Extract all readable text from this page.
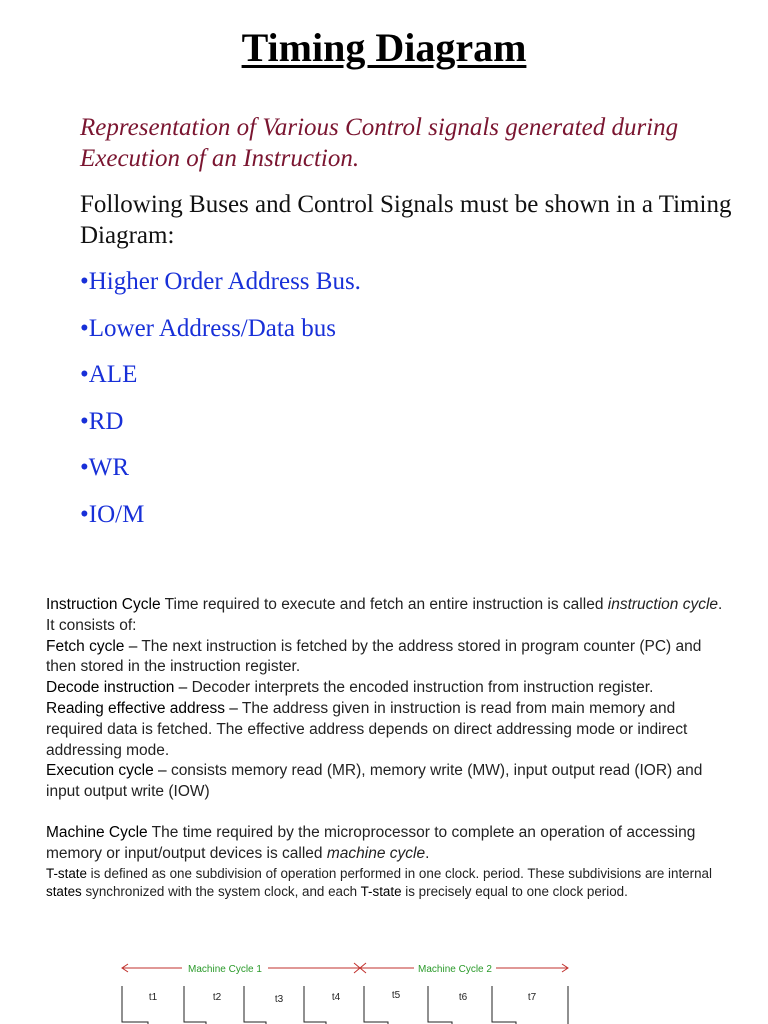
Timing Diagram
Representation of Various Control signals generated during Execution of an Instruction.
Following Buses and Control Signals must be shown in a Timing Diagram:
•Higher Order Address Bus.
•Lower Address/Data bus
•ALE
•RD
•WR
•IO/M

Instruction Cycle Time required to execute and fetch an entire instruction is called instruction cycle. It consists of:

Fetch cycle – The next instruction is fetched by the address stored in program counter (PC) and then stored in the instruction register.

Decode instruction – Decoder interprets the encoded instruction from instruction register.

Reading effective address – The address given in instruction is read from main memory and required data is fetched. The effective address depends on direct addressing mode or indirect addressing mode.

Execution cycle – consists memory read (MR), memory write (MW), input output read (IOR) and input output write (IOW)

Machine Cycle The time required by the microprocessor to complete an operation of accessing memory or input/output devices is called machine cycle.

T-state is defined as one subdivision of operation performed in one clock. period. These subdivisions are internal states synchronized with the system clock, and each T-state is precisely equal to one clock period.

Machine Cycle 1	Machine Cycle 2
t1	t2	t3	t4	t5	t6	t7
